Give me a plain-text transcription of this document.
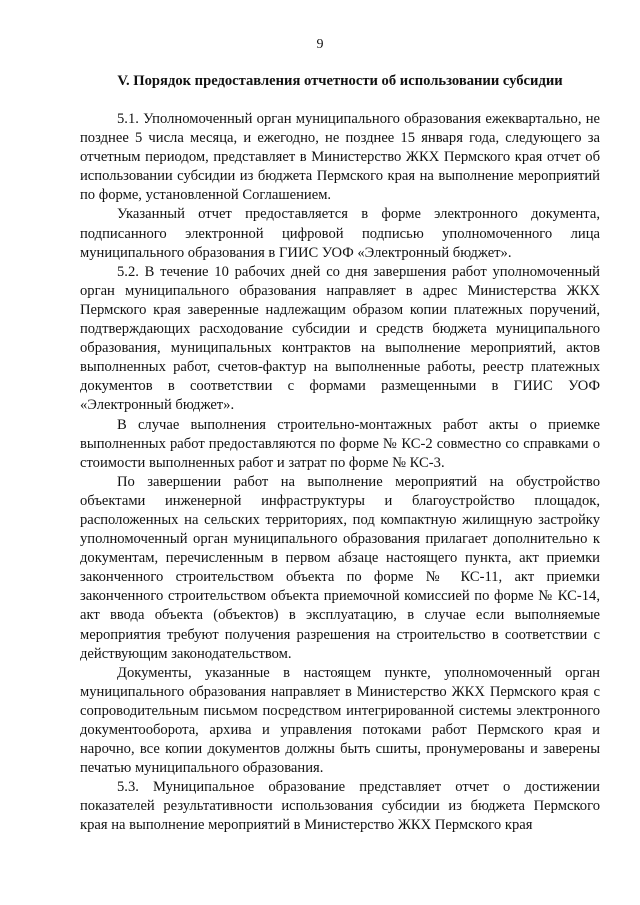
9
V. Порядок предоставления отчетности об использовании субсидии

5.1. Уполномоченный орган муниципального образования ежеквартально, не позднее 5 числа месяца, и ежегодно, не позднее 15 января года, следующего за отчетным периодом, представляет в Министерство ЖКХ Пермского края отчет об использовании субсидии из бюджета Пермского края на выполнение мероприятий по форме, установленной Соглашением.

Указанный отчет предоставляется в форме электронного документа, подписанного электронной цифровой подписью уполномоченного лица муниципального образования в ГИИС УОФ «Электронный бюджет».

5.2. В течение 10 рабочих дней со дня завершения работ уполномоченный орган муниципального образования направляет в адрес Министерства ЖКХ Пермского края заверенные надлежащим образом копии платежных поручений, подтверждающих расходование субсидии и средств бюджета муниципального образования, муниципальных контрактов на выполнение мероприятий, актов выполненных работ, счетов-фактур на выполненные работы, реестр платежных документов в соответствии с формами размещенными в ГИИС УОФ «Электронный бюджет».

В случае выполнения строительно-монтажных работ акты о приемке выполненных работ предоставляются по форме № КС-2 совместно со справками о стоимости выполненных работ и затрат по форме № КС-3.

По завершении работ на выполнение мероприятий на обустройство объектами инженерной инфраструктуры и благоустройство площадок, расположенных на сельских территориях, под компактную жилищную застройку уполномоченный орган муниципального образования прилагает дополнительно к документам, перечисленным в первом абзаце настоящего пункта, акт приемки законченного строительством объекта по форме № КС-11, акт приемки законченного строительством объекта приемочной комиссией по форме № КС-14, акт ввода объекта (объектов) в эксплуатацию, в случае если выполняемые мероприятия требуют получения разрешения на строительство в соответствии с действующим законодательством.

Документы, указанные в настоящем пункте, уполномоченный орган муниципального образования направляет в Министерство ЖКХ Пермского края с сопроводительным письмом посредством интегрированной системы электронного документооборота, архива и управления потоками работ Пермского края и нарочно, все копии документов должны быть сшиты, пронумерованы и заверены печатью муниципального образования.

5.3. Муниципальное образование представляет отчет о достижении показателей результативности использования субсидии из бюджета Пермского края на выполнение мероприятий в Министерство ЖКХ Пермского края
